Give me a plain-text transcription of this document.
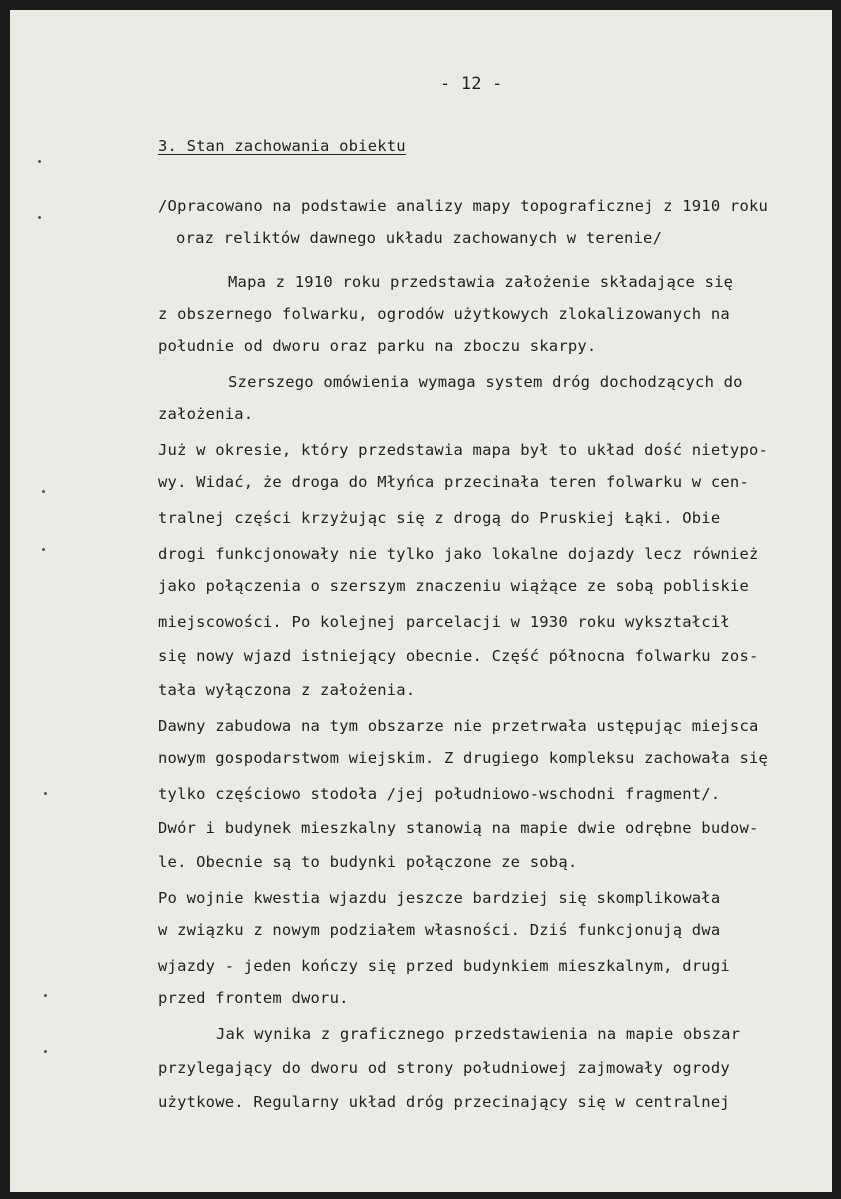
- 12 -
3. Stan zachowania obiektu
/Opracowano na podstawie analizy mapy topograficznej z 1910 roku
oraz reliktów dawnego układu zachowanych w terenie/
Mapa z 1910 roku przedstawia założenie składające się
z obszernego folwarku, ogrodów użytkowych zlokalizowanych na
południe od dworu oraz parku na zboczu skarpy.
Szerszego omówienia wymaga system dróg dochodzących do
założenia.
Już w okresie, który przedstawia mapa był to układ dość nietypo-
wy. Widać, że droga do Młyńca przecinała teren folwarku w cen-
tralnej części krzyżując się z drogą do Pruskiej Łąki. Obie
drogi funkcjonowały nie tylko jako lokalne dojazdy lecz również
jako połączenia o szerszym znaczeniu wiążące ze sobą pobliskie
miejscowości. Po kolejnej parcelacji w 1930 roku wykształcił
się nowy wjazd istniejący obecnie. Część północna folwarku zos-
tała wyłączona z założenia.
Dawny zabudowa na tym obszarze nie przetrwała ustępując miejsca
nowym gospodarstwom wiejskim. Z drugiego kompleksu zachowała się
tylko częściowo stodoła /jej południowo-wschodni fragment/.
Dwór i budynek mieszkalny stanowią na mapie dwie odrębne budow-
le. Obecnie są to budynki połączone ze sobą.
Po wojnie kwestia wjazdu jeszcze bardziej się skomplikowała
w związku z nowym podziałem własności. Dziś funkcjonują dwa
wjazdy - jeden kończy się przed budynkiem mieszkalnym, drugi
przed frontem dworu.
Jak wynika z graficznego przedstawienia na mapie obszar
przylegający do dworu od strony południowej zajmowały ogrody
użytkowe. Regularny układ dróg przecinający się w centralnej
